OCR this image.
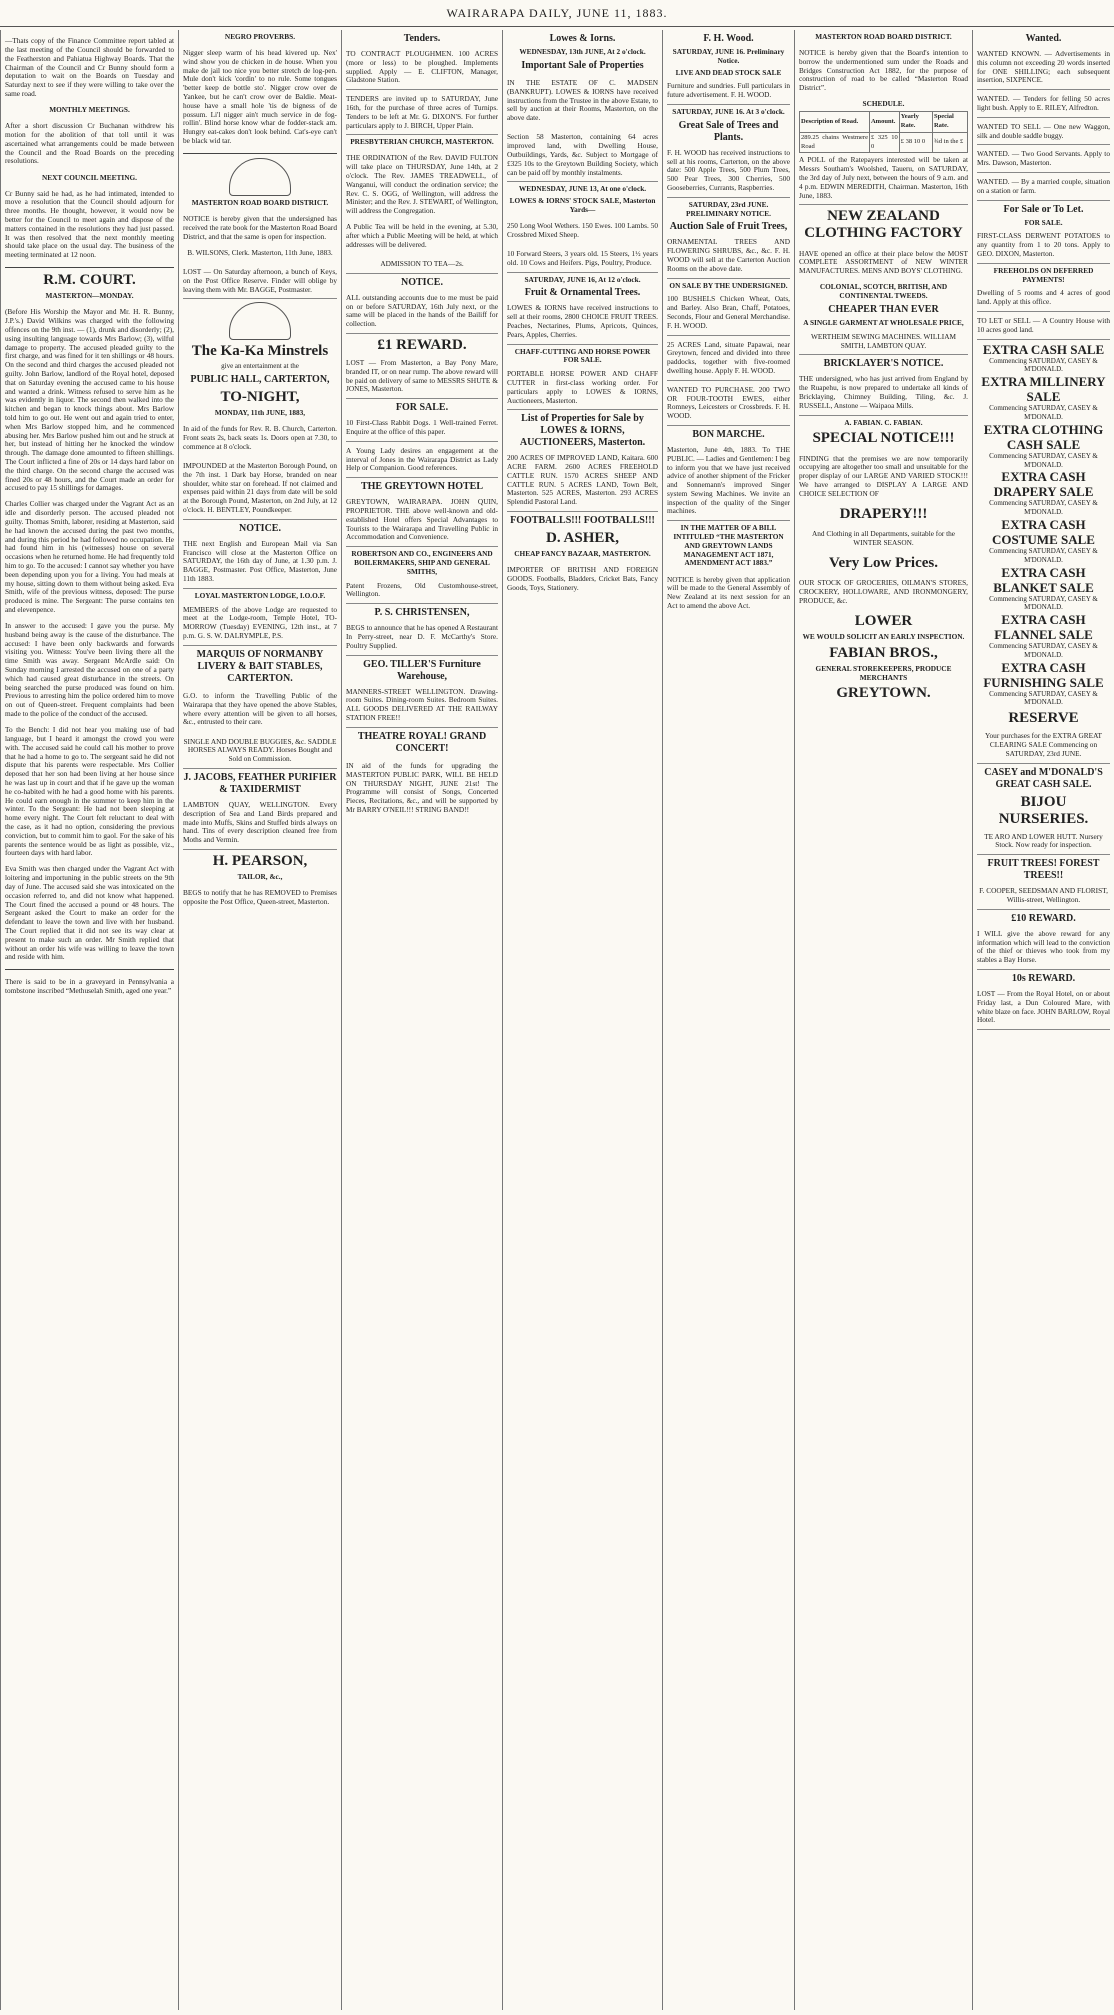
WAIRARAPA DAILY, JUNE 11, 1883.

—Thats copy of the Finance Committee report tabled at the last meeting of the Council should be forwarded to the Featherston and Pahiatua Highway Boards. That the Chairman of the Council and Cr Bunny should form a deputation to wait on the Boards on Tuesday and Saturday next to see if they were willing to take over the same road.

MONTHLY MEETINGS.

After a short discussion Cr Buchanan withdrew his motion for the abolition of that toll until it was ascertained what arrangements could be made between the Council and the Road Boards on the preceding resolutions.

NEXT COUNCIL MEETING.

Cr Bunny said he had, as he had intimated, intended to move a resolution that the Council should adjourn for three months. He thought, however, it would now be better for the Council to meet again and dispose of the matters contained in the resolutions they had just passed. It was then resolved that the next monthly meeting should take place on the usual day. The business of the meeting terminated at 12 noon.

R.M. COURT.
MASTERTON—MONDAY.

(Before His Worship the Mayor and Mr. H. R. Bunny, J.P.'s.) David Wilkins was charged with the following offences on the 9th inst. — (1), drunk and disorderly; (2), using insulting language towards Mrs Barlow; (3), wilful damage to property. The accused pleaded guilty to the first charge, and was fined for it ten shillings or 48 hours. On the second and third charges the accused pleaded not guilty. John Barlow, landlord of the Royal hotel, deposed that on Saturday evening the accused came to his house and wanted a drink. Witness refused to serve him as he was evidently in liquor. The second then walked into the kitchen and began to knock things about. Mrs Barlow told him to go out. He went out and again tried to enter, when Mrs Barlow stopped him, and he commenced abusing her. Mrs Barlow pushed him out and he struck at her, but instead of hitting her he knocked the window through. The damage done amounted to fifteen shillings. The Court inflicted a fine of 20s or 14 days hard labor on the third charge. On the second charge the accused was fined 20s or 48 hours, and the Court made an order for accused to pay 15 shillings for damages.

Charles Collier was charged under the Vagrant Act as an idle and disorderly person. The accused pleaded not guilty. Thomas Smith, laborer, residing at Masterton, said he had known the accused during the past two months, and during this period he had followed no occupation. He had found him in his (witnesses) house on several occasions when he returned home. He had frequently told him to go. To the accused: I cannot say whether you have been depending upon you for a living. You had meals at my house, sitting down to them without being asked. Eva Smith, wife of the previous witness, deposed: The purse produced is mine. The Sergeant: The purse contains ten and elevenpence.

In answer to the accused: I gave you the purse. My husband being away is the cause of the disturbance. The accused: I have been only backwards and forwards visiting you. Witness: You've been living there all the time Smith was away. Sergeant McArdle said: On Sunday morning I arrested the accused on one of a party which had caused great disturbance in the streets. On being searched the purse produced was found on him. Previous to arresting him the police ordered him to move on out of Queen-street. Frequent complaints had been made to the police of the conduct of the accused.

To the Bench: I did not hear you making use of bad language, but I heard it amongst the crowd you were with. The accused said he could call his mother to prove that he had a home to go to. The sergeant said he did not dispute that his parents were respectable. Mrs Collier deposed that her son had been living at her house since he was last up in court and that if he gave up the woman he co-habited with he had a good home with his parents. He could earn enough in the summer to keep him in the winter. To the Sergeant: He had not been sleeping at home every night. The Court felt reluctant to deal with the case, as it had no option, considering the previous conviction, but to commit him to gaol. For the sake of his parents the sentence would be as light as possible, viz., fourteen days with hard labor.

Eva Smith was then charged under the Vagrant Act with loitering and importuning in the public streets on the 9th day of June. The accused said she was intoxicated on the occasion referred to, and did not know what happened. The Court fined the accused a pound or 48 hours. The Sergeant asked the Court to make an order for the defendant to leave the town and live with her husband. The Court replied that it did not see its way clear at present to make such an order. Mr Smith replied that without an order his wife was willing to leave the town and reside with him.

There is said to be in a graveyard in Pennsylvania a tombstone inscribed “Methuselah Smith, aged one year.”

NEGRO PROVERBS.

Nigger sleep warm of his head kivered up. Nex' wind show you de chicken in de house. When you make de jail too nice you better stretch de log-pen. Mule don't kick 'cordin' to no rule. Some tongues 'better keep de bottle sto'. Nigger crow over de Yankee, but he can't crow over de Baldie. Meat-house have a small hole 'tis de bigness of de possum. Li'l nigger ain't much service in de fog-rollin'. Blind horse know whar de fodder-stack am. Hungry eat-cakes don't look behind. Cat's-eye can't be black wid tar.

MASTERTON ROAD BOARD DISTRICT.

NOTICE is hereby given that the undersigned has received the rate book for the Masterton Road Board District, and that the same is open for inspection.

B. WILSONS, Clerk. Masterton, 11th June, 1883.

LOST — On Saturday afternoon, a bunch of Keys, on the Post Office Reserve. Finder will oblige by leaving them with Mr. BAGGE, Postmaster.
The Ka-Ka Minstrels
give an entertainment at the
PUBLIC HALL, CARTERTON,
TO-NIGHT,
MONDAY, 11th JUNE, 1883,

In aid of the funds for Rev. R. B. Church, Carterton. Front seats 2s, back seats 1s. Doors open at 7.30, to commence at 8 o'clock.

IMPOUNDED at the Masterton Borough Pound, on the 7th inst. 1 Dark bay Horse, branded on near shoulder, white star on forehead. If not claimed and expenses paid within 21 days from date will be sold at the Borough Pound, Masterton, on 2nd July, at 12 o'clock. H. BENTLEY, Poundkeeper.
NOTICE.
THE next English and European Mail via San Francisco will close at the Masterton Office on SATURDAY, the 16th day of June, at 1.30 p.m. J. BAGGE, Postmaster. Post Office, Masterton, June 11th 1883.
LOYAL MASTERTON LODGE, I.O.O.F.
MEMBERS of the above Lodge are requested to meet at the Lodge-room, Temple Hotel, TO-MORROW (Tuesday) EVENING, 12th inst., at 7 p.m. G. S. W. DALRYMPLE, P.S.
MARQUIS OF NORMANBY LIVERY & BAIT STABLES, CARTERTON.

G.O. to inform the Travelling Public of the Wairarapa that they have opened the above Stables, where every attention will be given to all horses, &c., entrusted to their care.

SINGLE AND DOUBLE BUGGIES, &c. SADDLE HORSES ALWAYS READY. Horses Bought and Sold on Commission.
J. JACOBS, FEATHER PURIFIER & TAXIDERMIST
LAMBTON QUAY, WELLINGTON. Every description of Sea and Land Birds prepared and made into Muffs, Skins and Stuffed birds always on hand. Tins of every description cleaned free from Moths and Vermin.
H. PEARSON,
TAILOR, &c.,

BEGS to notify that he has REMOVED to Premises opposite the Post Office, Queen-street, Masterton.

Tenders.
TO CONTRACT PLOUGHMEN. 100 ACRES (more or less) to be ploughed. Implements supplied. Apply — E. CLIFTON, Manager, Gladstone Station.
TENDERS are invited up to SATURDAY, June 16th, for the purchase of three acres of Turnips. Tenders to be left at Mr. G. DIXON'S. For further particulars apply to J. BIRCH, Upper Plain.
PRESBYTERIAN CHURCH, MASTERTON.

THE ORDINATION of the Rev. DAVID FULTON will take place on THURSDAY, June 14th, at 2 o'clock. The Rev. JAMES TREADWELL, of Wanganui, will conduct the ordination service; the Rev. C. S. OGG, of Wellington, will address the Minister; and the Rev. J. STEWART, of Wellington, will address the Congregation.

A Public Tea will be held in the evening, at 5.30, after which a Public Meeting will be held, at which addresses will be delivered.

ADMISSION TO TEA—2s.
NOTICE.
ALL outstanding accounts due to me must be paid on or before SATURDAY, 16th July next, or the same will be placed in the hands of the Bailiff for collection.
£1 REWARD.
LOST — From Masterton, a Bay Pony Mare, branded IT, or on near rump. The above reward will be paid on delivery of same to MESSRS SHUTE & JONES, Masterton.
FOR SALE.
10 First-Class Rabbit Dogs. 1 Well-trained Ferret. Enquire at the office of this paper.
A Young Lady desires an engagement at the interval of Jones in the Wairarapa District as Lady Help or Companion. Good references.
THE GREYTOWN HOTEL
GREYTOWN, WAIRARAPA. JOHN QUIN, PROPRIETOR. THE above well-known and old-established Hotel offers Special Advantages to Tourists to the Wairarapa and Travelling Public in Accommodation and Convenience.
ROBERTSON AND CO., ENGINEERS AND BOILERMAKERS, SHIP AND GENERAL SMITHS,
Patent Frozens, Old Customhouse-street, Wellington.
P. S. CHRISTENSEN,
BEGS to announce that he has opened A Restaurant In Perry-street, near D. F. McCarthy's Store. Poultry Supplied.
GEO. TILLER'S Furniture Warehouse,
MANNERS-STREET WELLINGTON. Drawing-room Suites. Dining-room Suites. Bedroom Suites. ALL GOODS DELIVERED AT THE RAILWAY STATION FREE!!
THEATRE ROYAL! GRAND CONCERT!

IN aid of the funds for upgrading the MASTERTON PUBLIC PARK, WILL BE HELD ON THURSDAY NIGHT, JUNE 21st! The Programme will consist of Songs, Concerted Pieces, Recitations, &c., and will be supported by Mr BARRY O'NEIL!!! STRING BAND!!

Lowes & Iorns.
WEDNESDAY, 13th JUNE, At 2 o'clock.
Important Sale of Properties

IN THE ESTATE OF C. MADSEN (BANKRUPT). LOWES & IORNS have received instructions from the Trustee in the above Estate, to sell by auction at their Rooms, Masterton, on the above date.

Section 58 Masterton, containing 64 acres improved land, with Dwelling House, Outbuildings, Yards, &c. Subject to Mortgage of £325 10s to the Greytown Building Society, which can be paid off by monthly instalments.
WEDNESDAY, JUNE 13, At one o'clock.
LOWES & IORNS' STOCK SALE, Masterton Yards—

250 Long Wool Wethers. 150 Ewes. 100 Lambs. 50 Crossbred Mixed Sheep.

10 Forward Steers, 3 years old. 15 Steers, 1½ years old. 10 Cows and Heifers. Pigs, Poultry, Produce.
SATURDAY, JUNE 16, At 12 o'clock.
Fruit & Ornamental Trees.
LOWES & IORNS have received instructions to sell at their rooms, 2800 CHOICE FRUIT TREES. Peaches, Nectarines, Plums, Apricots, Quinces, Pears, Apples, Cherries.
CHAFF-CUTTING AND HORSE POWER FOR SALE.
PORTABLE HORSE POWER AND CHAFF CUTTER in first-class working order. For particulars apply to LOWES & IORNS, Auctioneers, Masterton.
List of Properties for Sale by LOWES & IORNS, AUCTIONEERS, Masterton.
200 ACRES OF IMPROVED LAND, Kaitara. 600 ACRE FARM. 2600 ACRES FREEHOLD CATTLE RUN. 1570 ACRES SHEEP AND CATTLE RUN. 5 ACRES LAND, Town Belt, Masterton. 525 ACRES, Masterton. 293 ACRES Splendid Pastoral Land.
FOOTBALLS!!! FOOTBALLS!!!
D. ASHER,
CHEAP FANCY BAZAAR, MASTERTON.

IMPORTER OF BRITISH AND FOREIGN GOODS. Footballs, Bladders, Cricket Bats, Fancy Goods, Toys, Stationery.

F. H. Wood.
SATURDAY, JUNE 16. Preliminary Notice.
LIVE AND DEAD STOCK SALE
Furniture and sundries. Full particulars in future advertisement. F. H. WOOD.
SATURDAY, JUNE 16. At 3 o'clock.
Great Sale of Trees and Plants.
F. H. WOOD has received instructions to sell at his rooms, Carterton, on the above date: 500 Apple Trees, 500 Plum Trees, 500 Pear Trees, 300 Cherries, 500 Gooseberries, Currants, Raspberries.
SATURDAY, 23rd JUNE. PRELIMINARY NOTICE.
Auction Sale of Fruit Trees,
ORNAMENTAL TREES AND FLOWERING SHRUBS, &c., &c. F. H. WOOD will sell at the Carterton Auction Rooms on the above date.
ON SALE BY THE UNDERSIGNED.
100 BUSHELS Chicken Wheat, Oats, and Barley. Also Bran, Chaff, Potatoes, Seconds, Flour and General Merchandise. F. H. WOOD.
25 ACRES Land, situate Papawai, near Greytown, fenced and divided into three paddocks, together with five-roomed dwelling house. Apply F. H. WOOD.
WANTED TO PURCHASE. 200 TWO OR FOUR-TOOTH EWES, either Romneys, Leicesters or Crossbreds. F. H. WOOD.
BON MARCHE.
Masterton, June 4th, 1883. To THE PUBLIC. — Ladies and Gentlemen: I beg to inform you that we have just received advice of another shipment of the Fricker and Sonnemann's improved Singer system Sewing Machines. We invite an inspection of the quality of the Singer machines.
IN THE MATTER OF A BILL INTITULED “THE MASTERTON AND GREYTOWN LANDS MANAGEMENT ACT 1871, AMENDMENT ACT 1883.”

NOTICE is hereby given that application will be made to the General Assembly of New Zealand at its next session for an Act to amend the above Act.

MASTERTON ROAD BOARD DISTRICT.

NOTICE is hereby given that the Board's intention to borrow the undermentioned sum under the Roads and Bridges Construction Act 1882, for the purpose of construction of road to be called “Masterton Road District”.

SCHEDULE.
Description of Road.	Amount.	Yearly Rate.	Special Rate.
289.25 chains Westmere Road	£ 325 10 0	£ 38 10 0	¾d in the £
A POLL of the Ratepayers interested will be taken at Messrs Southam's Woolshed, Taueru, on SATURDAY, the 3rd day of July next, between the hours of 9 a.m. and 4 p.m. EDWIN MEREDITH, Chairman. Masterton, 16th June, 1883.
NEW ZEALAND CLOTHING FACTORY

HAVE opened an office at their place below the MOST COMPLETE ASSORTMENT of NEW WINTER MANUFACTURES. MENS AND BOYS' CLOTHING.

COLONIAL, SCOTCH, BRITISH, AND CONTINENTAL TWEEDS.
CHEAPER THAN EVER
A SINGLE GARMENT AT WHOLESALE PRICE,
WERTHEIM SEWING MACHINES. WILLIAM SMITH, LAMBTON QUAY.
BRICKLAYER'S NOTICE.
THE undersigned, who has just arrived from England by the Ruapehu, is now prepared to undertake all kinds of Bricklaying, Chimney Building, Tiling, &c. J. RUSSELL, Anstone — Waipaoa Mills.
A. FABIAN. C. FABIAN.
SPECIAL NOTICE!!!

FINDING that the premises we are now temporarily occupying are altogether too small and unsuitable for the proper display of our LARGE AND VARIED STOCK!!! We have arranged to DISPLAY A LARGE AND CHOICE SELECTION OF

DRAPERY!!!

And Clothing in all Departments, suitable for the WINTER SEASON.

Very Low Prices.

OUR STOCK OF GROCERIES, OILMAN'S STORES, CROCKERY, HOLLOWARE, AND IRONMONGERY, PRODUCE, &c.

LOWER
WE WOULD SOLICIT AN EARLY INSPECTION.
FABIAN BROS.,
GENERAL STOREKEEPERS, PRODUCE MERCHANTS
GREYTOWN.
Wanted.
WANTED KNOWN. — Advertisements in this column not exceeding 20 words inserted for ONE SHILLING; each subsequent insertion, SIXPENCE.
WANTED. — Tenders for felling 50 acres light bush. Apply to E. RILEY, Alfredton.
WANTED TO SELL — One new Waggon, silk and double saddle buggy.
WANTED. — Two Good Servants. Apply to Mrs. Dawson, Masterton.
WANTED. — By a married couple, situation on a station or farm.
For Sale or To Let.
FOR SALE.
FIRST-CLASS DERWENT POTATOES to any quantity from 1 to 20 tons. Apply to GEO. DIXON, Masterton.
FREEHOLDS ON DEFERRED PAYMENTS!
Dwelling of 5 rooms and 4 acres of good land. Apply at this office.
TO LET or SELL — A Country House with 10 acres good land.
EXTRA CASH SALE
Commencing SATURDAY, CASEY & M'DONALD.
EXTRA MILLINERY SALE
Commencing SATURDAY, CASEY & M'DONALD.
EXTRA CLOTHING CASH SALE
Commencing SATURDAY, CASEY & M'DONALD.
EXTRA CASH DRAPERY SALE
Commencing SATURDAY, CASEY & M'DONALD.
EXTRA CASH COSTUME SALE
Commencing SATURDAY, CASEY & M'DONALD.
EXTRA CASH BLANKET SALE
Commencing SATURDAY, CASEY & M'DONALD.
EXTRA CASH FLANNEL SALE
Commencing SATURDAY, CASEY & M'DONALD.
EXTRA CASH FURNISHING SALE
Commencing SATURDAY, CASEY & M'DONALD.
RESERVE
Your purchases for the EXTRA GREAT CLEARING SALE Commencing on SATURDAY, 23rd JUNE.
CASEY and M'DONALD'S GREAT CASH SALE.
BIJOU NURSERIES.
TE ARO AND LOWER HUTT. Nursery Stock. Now ready for inspection.
FRUIT TREES! FOREST TREES!!
F. COOPER, SEEDSMAN AND FLORIST, Willis-street, Wellington.
£10 REWARD.
I WILL give the above reward for any information which will lead to the conviction of the thief or thieves who took from my stables a Bay Horse.
10s REWARD.
LOST — From the Royal Hotel, on or about Friday last, a Dun Coloured Mare, with white blaze on face. JOHN BARLOW, Royal Hotel.
